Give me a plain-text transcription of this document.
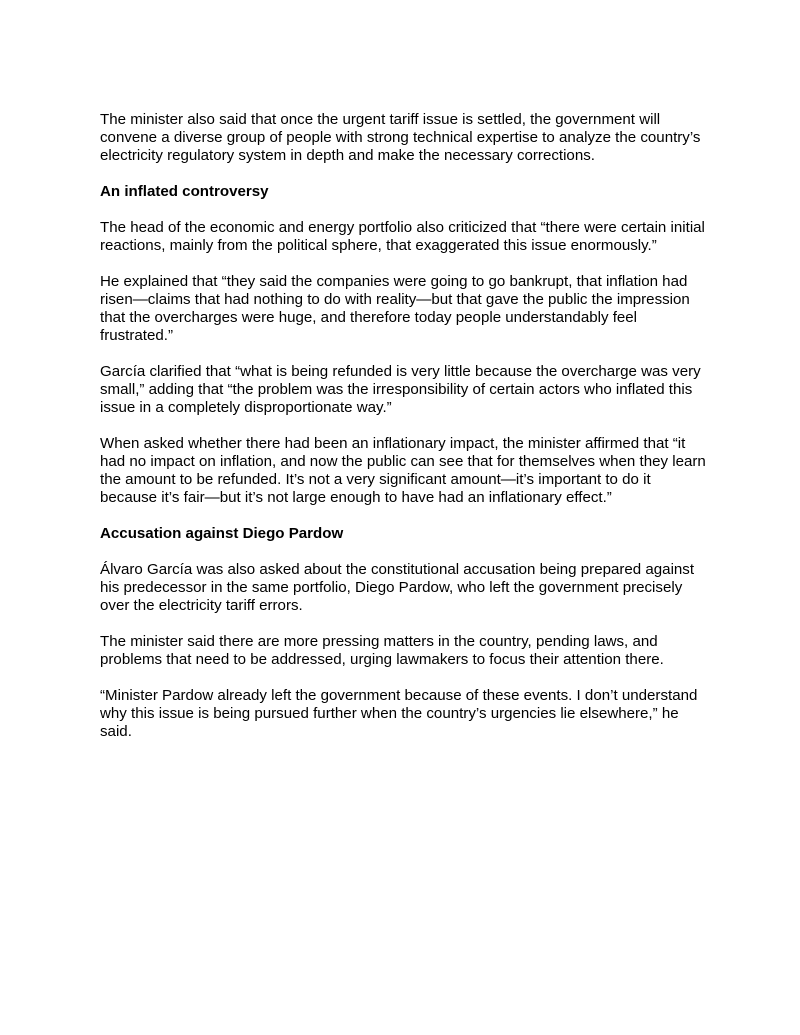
The minister also said that once the urgent tariff issue is settled, the government will convene a diverse group of people with strong technical expertise to analyze the country’s electricity regulatory system in depth and make the necessary corrections.

An inflated controversy

The head of the economic and energy portfolio also criticized that “there were certain initial reactions, mainly from the political sphere, that exaggerated this issue enormously.”

He explained that “they said the companies were going to go bankrupt, that inflation had risen—claims that had nothing to do with reality—but that gave the public the impression that the overcharges were huge, and therefore today people understandably feel frustrated.”

García clarified that “what is being refunded is very little because the overcharge was very small,” adding that “the problem was the irresponsibility of certain actors who inflated this issue in a completely disproportionate way.”

When asked whether there had been an inflationary impact, the minister affirmed that “it had no impact on inflation, and now the public can see that for themselves when they learn the amount to be refunded. It’s not a very significant amount—it’s important to do it because it’s fair—but it’s not large enough to have had an inflationary effect.”

Accusation against Diego Pardow

Álvaro García was also asked about the constitutional accusation being prepared against his predecessor in the same portfolio, Diego Pardow, who left the government precisely over the electricity tariff errors.

The minister said there are more pressing matters in the country, pending laws, and problems that need to be addressed, urging lawmakers to focus their attention there.

“Minister Pardow already left the government because of these events. I don’t understand why this issue is being pursued further when the country’s urgencies lie elsewhere,” he said.
